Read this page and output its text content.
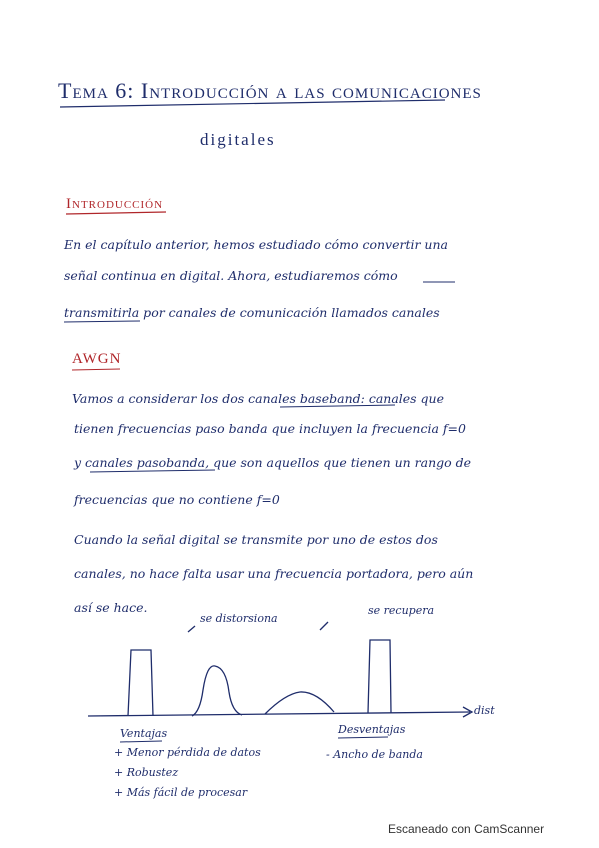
Tema 6: Introducción a las comunicaciones
digitales
Introducción
En el capítulo anterior, hemos estudiado cómo convertir una
señal continua en digital. Ahora, estudiaremos cómo
transmitirla por canales de comunicación llamados canales
AWGN
Vamos a considerar los dos canales baseband: canales que
tienen frecuencias paso banda que incluyen la frecuencia f=0
y canales pasobanda, que son aquellos que tienen un rango de
frecuencias que no contiene f=0
Cuando la señal digital se transmite por uno de estos dos
canales, no hace falta usar una frecuencia portadora, pero aún
así se hace.
se distorsiona
se recupera
dist
Ventajas
+ Menor pérdida de datos
+ Robustez
+ Más fácil de procesar
Desventajas
- Ancho de banda
Escaneado con CamScanner
